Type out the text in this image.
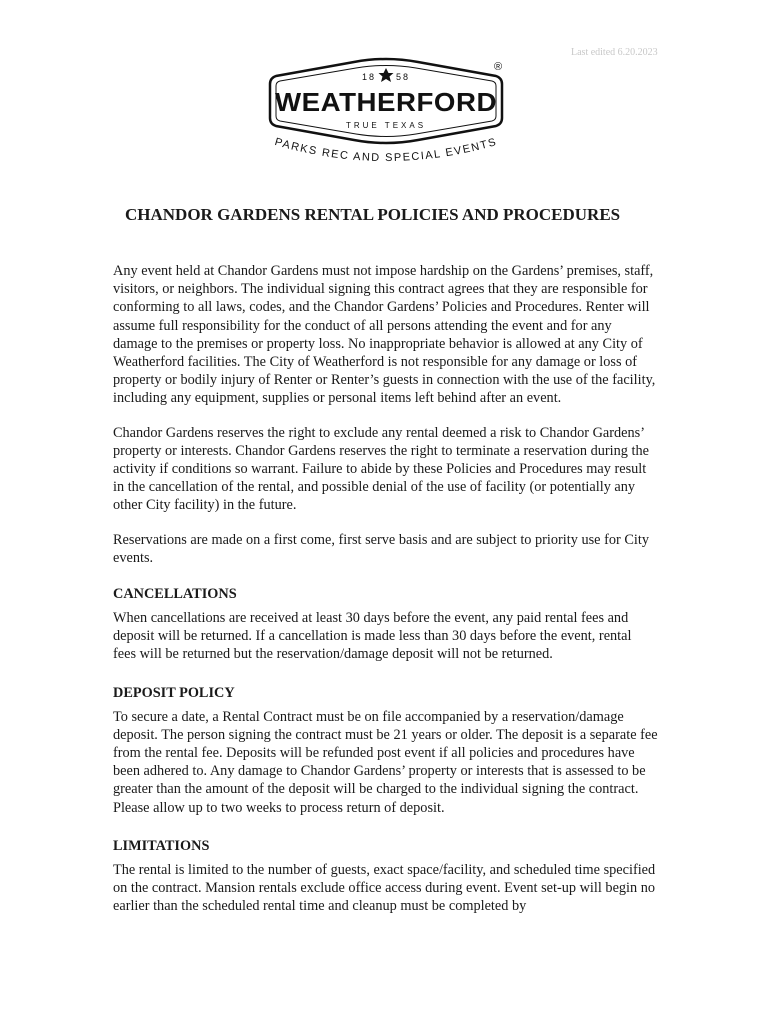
Last edited 6.20.2023
18 58
WEATHERFORD
TRUE TEXAS
®
PARKS REC AND SPECIAL EVENTS
CHANDOR GARDENS RENTAL POLICIES AND PROCEDURES

Any event held at Chandor Gardens must not impose hardship on the Gardens’ premises, staff, visitors, or neighbors. The individual signing this contract agrees that they are responsible for conforming to all laws, codes, and the Chandor Gardens’ Policies and Procedures. Renter will assume full responsibility for the conduct of all persons attending the event and for any damage to the premises or property loss. No inappropriate behavior is allowed at any City of Weatherford facilities. The City of Weatherford is not responsible for any damage or loss of property or bodily injury of Renter or Renter’s guests in connection with the use of the facility, including any equipment, supplies or personal items left behind after an event.

Chandor Gardens reserves the right to exclude any rental deemed a risk to Chandor Gardens’ property or interests. Chandor Gardens reserves the right to terminate a reservation during the activity if conditions so warrant. Failure to abide by these Policies and Procedures may result in the cancellation of the rental, and possible denial of the use of facility (or potentially any other City facility) in the future.

Reservations are made on a first come, first serve basis and are subject to priority use for City events.

CANCELLATIONS

When cancellations are received at least 30 days before the event, any paid rental fees and deposit will be returned. If a cancellation is made less than 30 days before the event, rental fees will be returned but the reservation/damage deposit will not be returned.

DEPOSIT POLICY

To secure a date, a Rental Contract must be on file accompanied by a reservation/damage deposit. The person signing the contract must be 21 years or older. The deposit is a separate fee from the rental fee. Deposits will be refunded post event if all policies and procedures have been adhered to. Any damage to Chandor Gardens’ property or interests that is assessed to be greater than the amount of the deposit will be charged to the individual signing the contract. Please allow up to two weeks to process return of deposit.

LIMITATIONS

The rental is limited to the number of guests, exact space/facility, and scheduled time specified on the contract. Mansion rentals exclude office access during event. Event set-up will begin no earlier than the scheduled rental time and cleanup must be completed by
